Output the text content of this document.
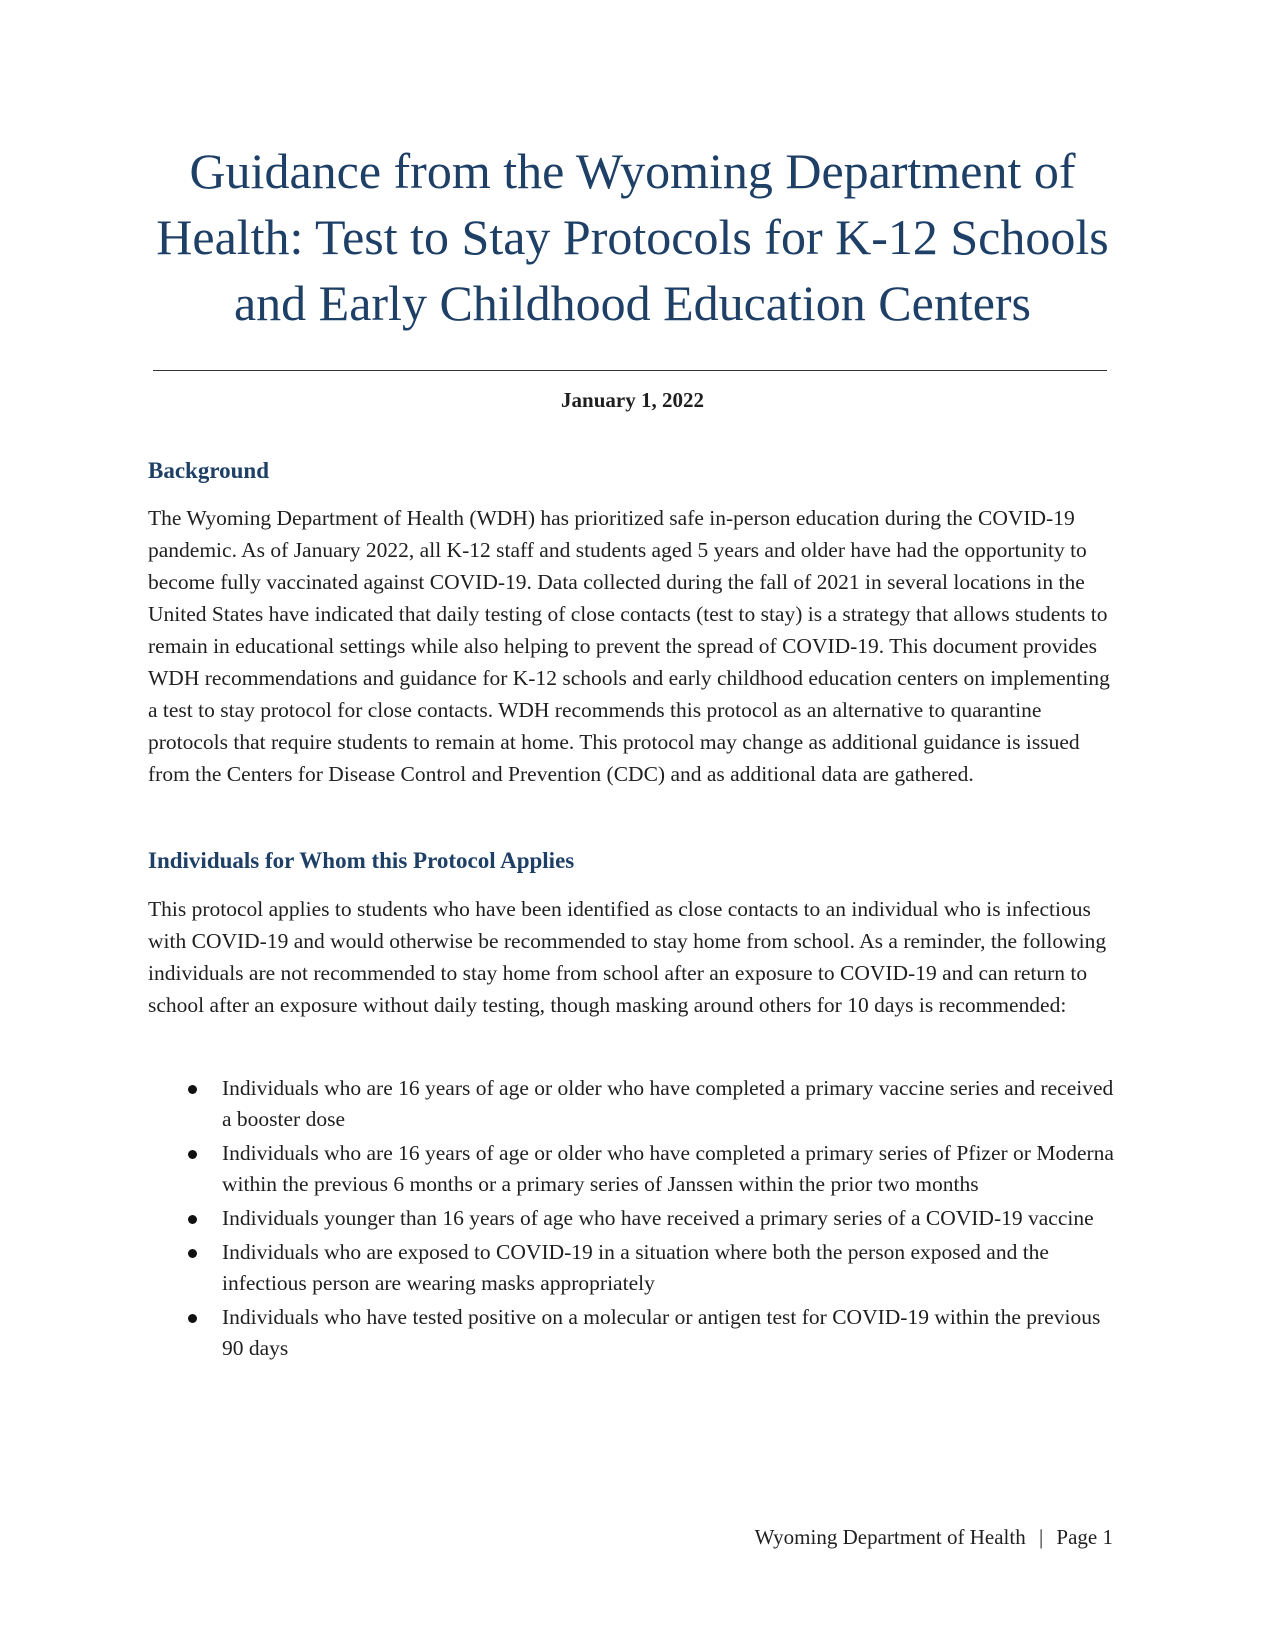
Guidance from the Wyoming Department of
Health: Test to Stay Protocols for K-12 Schools
and Early Childhood Education Centers
January 1, 2022
Background

The Wyoming Department of Health (WDH) has prioritized safe in-person education during the COVID-19 pandemic. As of January 2022, all K-12 staff and students aged 5 years and older have had the opportunity to become fully vaccinated against COVID-19. Data collected during the fall of 2021 in several locations in the United States have indicated that daily testing of close contacts (test to stay) is a strategy that allows students to remain in educational settings while also helping to prevent the spread of COVID-19. This document provides WDH recommendations and guidance for K-12 schools and early childhood education centers on implementing a test to stay protocol for close contacts. WDH recommends this protocol as an alternative to quarantine protocols that require students to remain at home. This protocol may change as additional guidance is issued from the Centers for Disease Control and Prevention (CDC) and as additional data are gathered.

Individuals for Whom this Protocol Applies

This protocol applies to students who have been identified as close contacts to an individual who is infectious with COVID-19 and would otherwise be recommended to stay home from school. As a reminder, the following individuals are not recommended to stay home from school after an exposure to COVID-19 and can return to school after an exposure without daily testing, though masking around others for 10 days is recommended:

Individuals who are 16 years of age or older who have completed a primary vaccine series and received a booster dose
Individuals who are 16 years of age or older who have completed a primary series of Pfizer or Moderna within the previous 6 months or a primary series of Janssen within the prior two months
Individuals younger than 16 years of age who have received a primary series of a COVID-19 vaccine
Individuals who are exposed to COVID-19 in a situation where both the person exposed and the infectious person are wearing masks appropriately
Individuals who have tested positive on a molecular or antigen test for COVID-19 within the previous 90 days
Wyoming Department of Health | Page 1
